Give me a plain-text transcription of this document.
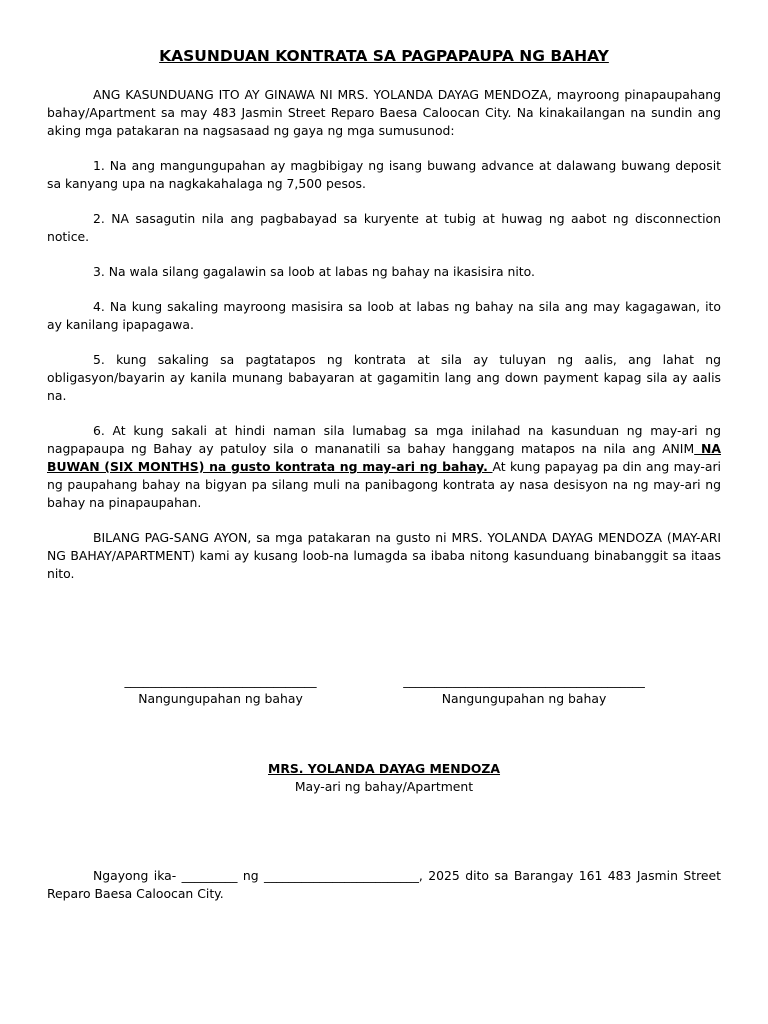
KASUNDUAN KONTRATA SA PAGPAPAUPA NG BAHAY

ANG KASUNDUANG ITO AY GINAWA NI MRS. YOLANDA DAYAG MENDOZA, mayroong pinapaupahang bahay/Apartment sa may 483 Jasmin Street Reparo Baesa Caloocan City. Na kinakailangan na sundin ang aking mga patakaran na nagsasaad ng gaya ng mga sumusunod:

1. Na ang mangungupahan ay magbibigay ng isang buwang advance at dalawang buwang deposit sa kanyang upa na nagkakahalaga ng 7,500 pesos.

2. NA sasagutin nila ang pagbabayad sa kuryente at tubig at huwag ng aabot ng disconnection notice.

3. Na wala silang gagalawin sa loob at labas ng bahay na ikasisira nito.

4. Na kung sakaling mayroong masisira sa loob at labas ng bahay na sila ang may kagagawan, ito ay kanilang ipapagawa.

5. kung sakaling sa pagtatapos ng kontrata at sila ay tuluyan ng aalis, ang lahat ng obligasyon/bayarin ay kanila munang babayaran at gagamitin lang ang down payment kapag sila ay aalis na.

6. At kung sakali at hindi naman sila lumabag sa mga inilahad na kasunduan ng may-ari ng nagpapaupa ng Bahay ay patuloy sila o mananatili sa bahay hanggang matapos na nila ang ANIM NA BUWAN (SIX MONTHS) na gusto kontrata ng may-ari ng bahay. At kung papayag pa din ang may-ari ng paupahang bahay na bigyan pa silang muli na panibagong kontrata ay nasa desisyon na ng may-ari ng bahay na pinapaupahan.

BILANG PAG-SANG AYON, sa mga patakaran na gusto ni MRS. YOLANDA DAYAG MENDOZA (MAY-ARI NG BAHAY/APARTMENT) kami ay kusang loob-na lumagda sa ibaba nitong kasunduang binabanggit sa itaas nito.

_______________________________
Nangungupahan ng bahay
_______________________________________
Nangungupahan ng bahay
MRS. YOLANDA DAYAG MENDOZA
May-ari ng bahay/Apartment

Ngayong ika- _________ ng _________________________, 2025 dito sa Barangay 161 483 Jasmin Street Reparo Baesa Caloocan City.
